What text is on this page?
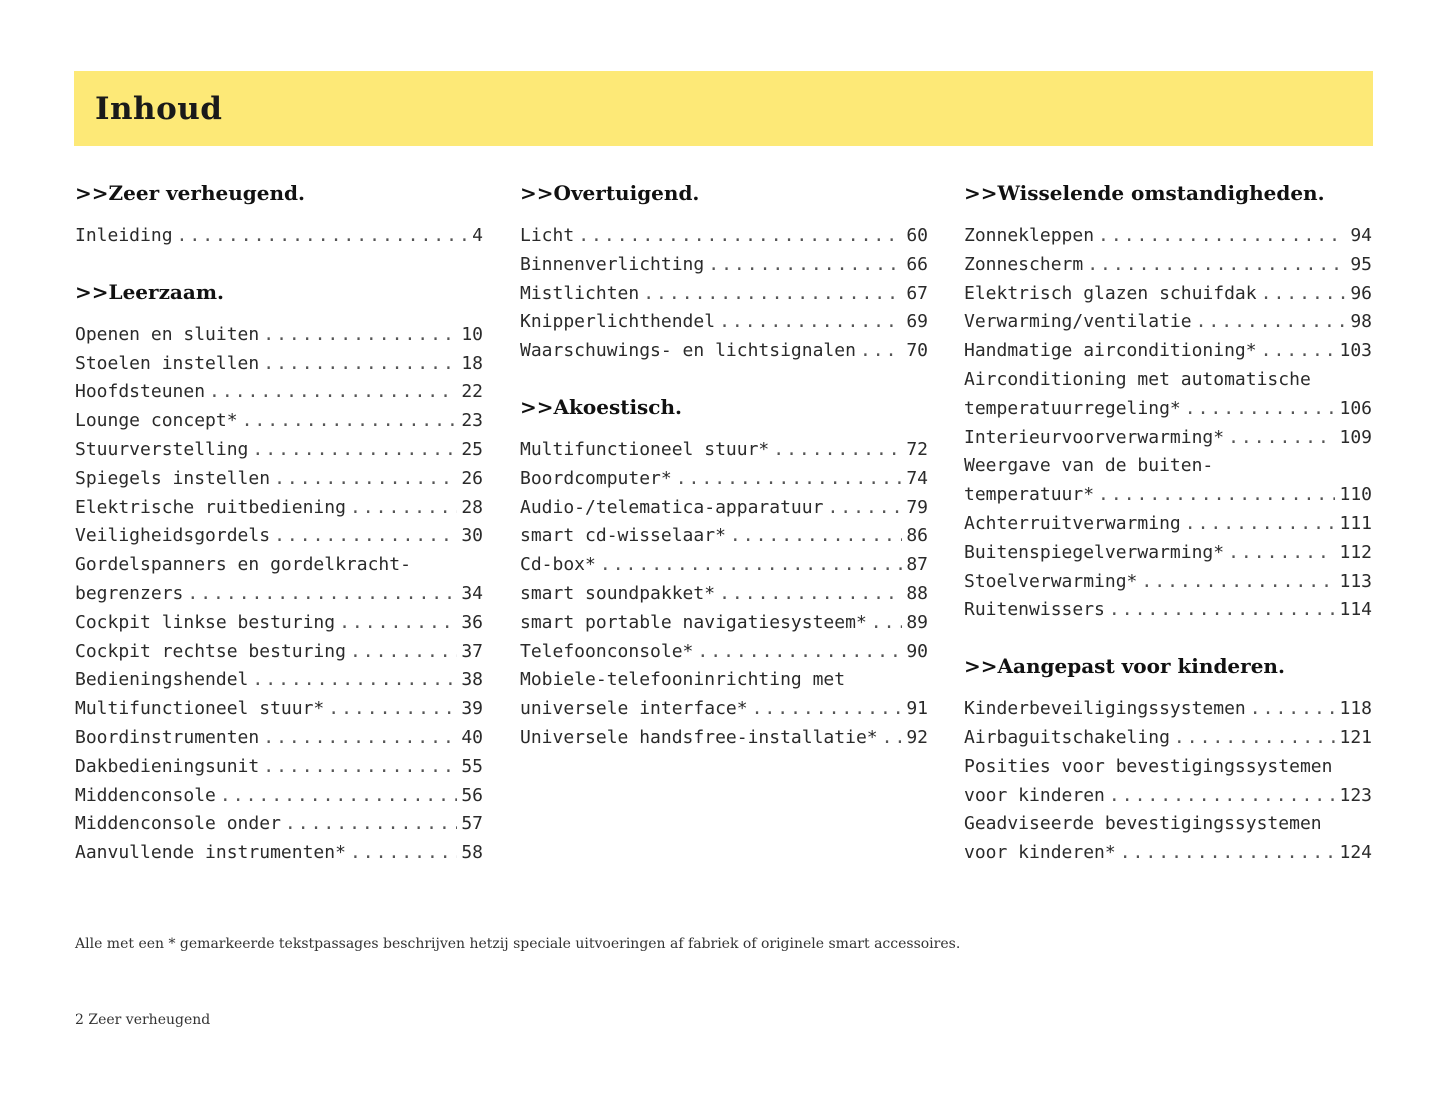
Inhoud
>>Zeer verheugend.
Inleiding .....	4
>>Leerzaam.
Openen en sluiten .....	10
Stoelen instellen .....	18
Hoofdsteunen .....	22
Lounge concept* .....	23
Stuurverstelling .....	25
Spiegels instellen .....	26
Elektrische ruitbediening .....	28
Veiligheidsgordels .....	30
Gordelspanners en gordelkracht-
begrenzers .....	34
Cockpit linkse besturing .....	36
Cockpit rechtse besturing .....	37
Bedieningshendel .....	38
Multifunctioneel stuur* .....	39
Boordinstrumenten .....	40
Dakbedieningsunit .....	55
Middenconsole .....	56
Middenconsole onder .....	57
Aanvullende instrumenten* .....	58
>>Overtuigend.
Licht .....	60
Binnenverlichting .....	66
Mistlichten .....	67
Knipperlichthendel .....	69
Waarschuwings- en lichtsignalen .....	70
>>Akoestisch.
Multifunctioneel stuur* .....	72
Boordcomputer* .....	74
Audio-/telematica-apparatuur .....	79
smart cd-wisselaar* .....	86
Cd-box* .....	87
smart soundpakket* .....	88
smart portable navigatiesysteem* ..... 89
Telefoonconsole* .....	90
Mobiele-telefooninrichting met
universele interface* .....	91
Universele handsfree-installatie* ..... 92
>>Wisselende omstandigheden.
Zonnekleppen .....	94
Zonnescherm .....	95
Elektrisch glazen schuifdak .....	96
Verwarming/ventilatie .....	98
Handmatige airconditioning* .....	103
Airconditioning met automatische
temperatuurregeling* .....	106
Interieurvoorverwarming* .....	109
Weergave van de buiten-
temperatuur* .....	110
Achterruitverwarming .....	111
Buitenspiegelverwarming* .....	112
Stoelverwarming* .....	113
Ruitenwissers .....	114
>>Aangepast voor kinderen.
Kinderbeveiligingssystemen .....	118
Airbaguitschakeling .....	121
Posities voor bevestigingssystemen
voor kinderen .....	123
Geadviseerde bevestigingssystemen
voor kinderen* .....	124
Alle met een * gemarkeerde tekstpassages beschrijven hetzij speciale uitvoeringen af fabriek of originele smart accessoires.
2 Zeer verheugend
